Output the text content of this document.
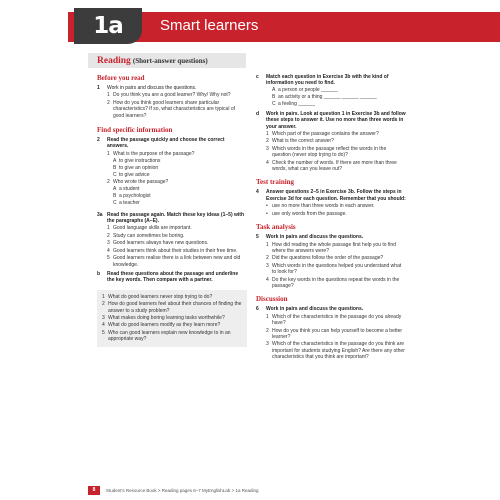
1a	Smart learners
Reading (Short-answer questions)
Before you read
1	Work in pairs and discuss the questions.
1 Do you think you are a good learner? Why/ Why not?
2 How do you think good learners share particular characteristics? If so, what characteristics are typical of good learners?
Find specific information
2	Read the passage quickly and choose the correct answers.
1 What is the purpose of the passage?
A to give instructions
B to give an opinion
C to give advice
2 Who wrote the passage?
A a student
B a psychologist
C a teacher
3a Read the passage again. Match these key ideas (1–5) with the paragraphs (A–E).
1 Good language skills are important.
2 Study can sometimes be boring.
3 Good learners always have new questions.
4 Good learners think about their studies in their free time.
5 Good learners realise there is a link between new and old knowledge.
b	Read these questions about the passage and underline the key words. Then compare with a partner.
1 What do good learners never stop trying to do?
2 How do good learners feel about their chances of finding the answer to a study problem?
3 What makes doing boring learning tasks worthwhile?
4 What do good learners modify as they learn more?
5 Who can good learners explain new knowledge to in an appropriate way?
c	Match each question in Exercise 3b with the kind of information you need to find.
A a person or people ______
B an activity or a thing ______ ______ ______
C a feeling ______
d	Work in pairs. Look at question 1 in Exercise 3b and follow these steps to answer it. Use no more than three words in your answer.
1 Which part of the passage contains the answer?
2 What is the correct answer?
3 Which words in the passage reflect the words in the question (never stop trying to do)?
4 Check the number of words. If there are more than three words, what can you leave out?
Test training
4	Answer questions 2–5 in Exercise 3b. Follow the steps in Exercise 3d for each question. Remember that you should:
• use no more than three words in each answer.
• use only words from the passage.
Task analysis
5	Work in pairs and discuss the questions.
1 How did reading the whole passage first help you to find where the answers were?
2 Did the questions follow the order of the passage?
3 Which words in the questions helped you understand what to look for?
4 Do the key words in the questions repeat the words in the passage?
Discussion
6	Work in pairs and discuss the questions.
1 Which of the characteristics in the passage do you already have?
2 How do you think you can help yourself to become a better learner?
3 Which of the characteristics in the passage do you think are important for students studying English? Are there any other characteristics that you think are important?
8	Student's Resource Book > Reading pages 6–7 MyEnglishLab > 1a Reading
